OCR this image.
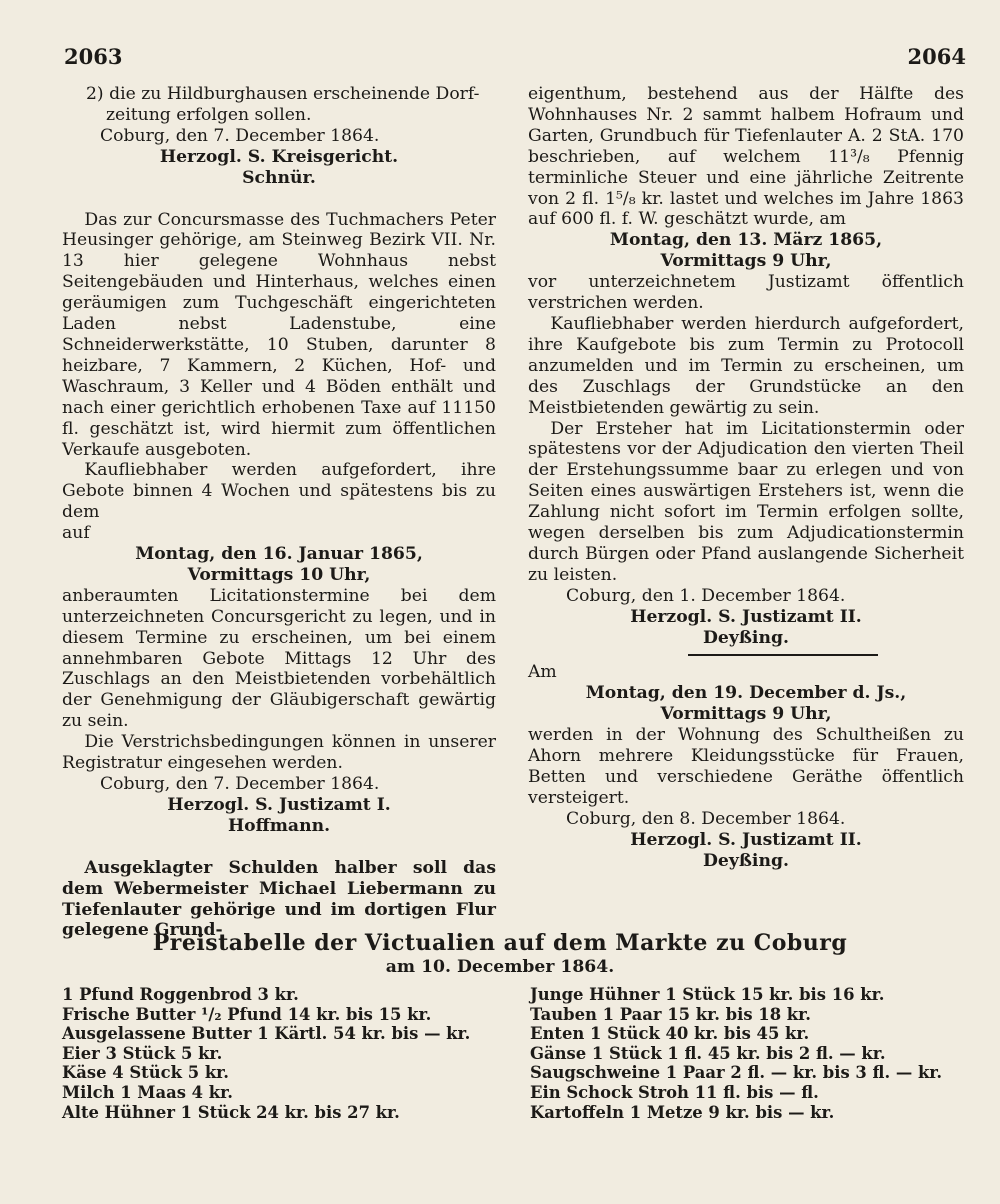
2063	2064

2) die zu Hildburghausen erscheinende Dorf-

zeitung erfolgen sollen.

Coburg, den 7. December 1864.

Herzogl. S. Kreisgericht.

Schnür.

Das zur Concursmasse des Tuchmachers Peter Heusinger gehörige, am Steinweg Bezirk VII. Nr. 13 hier gelegene Wohnhaus nebst Seitengebäuden und Hinterhaus, welches einen geräumigen zum Tuchgeschäft eingerichteten Laden nebst Ladenstube, eine Schneiderwerkstätte, 10 Stuben, darunter 8 heizbare, 7 Kammern, 2 Küchen, Hof- und Waschraum, 3 Keller und 4 Böden enthält und nach einer gerichtlich erhobenen Taxe auf 11150 fl. geschätzt ist, wird hiermit zum öffentlichen Verkaufe ausgeboten.

Kaufliebhaber werden aufgefordert, ihre Gebote binnen 4 Wochen und spätestens bis zu dem

auf

Montag, den 16. Januar 1865,

Vormittags 10 Uhr,

anberaumten Licitationstermine bei dem unterzeichneten Concursgericht zu legen, und in diesem Termine zu erscheinen, um bei einem annehmbaren Gebote Mittags 12 Uhr des Zuschlags an den Meistbietenden vorbehältlich der Genehmigung der Gläubigerschaft gewärtig zu sein.

Die Verstrichsbedingungen können in unserer Registratur eingesehen werden.

Coburg, den 7. December 1864.

Herzogl. S. Justizamt I.

Hoffmann.

Ausgeklagter Schulden halber soll das dem Webermeister Michael Liebermann zu Tiefenlauter gehörige und im dortigen Flur gelegene Grund-

eigenthum, bestehend aus der Hälfte des Wohnhauses Nr. 2 sammt halbem Hofraum und Garten, Grundbuch für Tiefenlauter A. 2 StA. 170 beschrieben, auf welchem 11³/₈ Pfennig terminliche Steuer und eine jährliche Zeitrente von 2 fl. 1⁵/₈ kr. lastet und welches im Jahre 1863 auf 600 fl. f. W. geschätzt wurde, am

Montag, den 13. März 1865,

Vormittags 9 Uhr,

vor unterzeichnetem Justizamt öffentlich verstrichen werden.

Kaufliebhaber werden hierdurch aufgefordert, ihre Kaufgebote bis zum Termin zu Protocoll anzumelden und im Termin zu erscheinen, um des Zuschlags der Grundstücke an den Meistbietenden gewärtig zu sein.

Der Ersteher hat im Licitationstermin oder spätestens vor der Adjudication den vierten Theil der Erstehungssumme baar zu erlegen und von Seiten eines auswärtigen Erstehers ist, wenn die Zahlung nicht sofort im Termin erfolgen sollte, wegen derselben bis zum Adjudicationstermin durch Bürgen oder Pfand auslangende Sicherheit zu leisten.

Coburg, den 1. December 1864.

Herzogl. S. Justizamt II.

Deyßing.

Am

Montag, den 19. December d. Js.,

Vormittags 9 Uhr,

werden in der Wohnung des Schultheißen zu Ahorn mehrere Kleidungsstücke für Frauen, Betten und verschiedene Geräthe öffentlich versteigert.

Coburg, den 8. December 1864.

Herzogl. S. Justizamt II.

Deyßing.

Preistabelle der Victualien auf dem Markte zu Coburg
am 10. December 1864.
1 Pfund Roggenbrod 3 kr.
Frische Butter ¹/₂ Pfund 14 kr. bis 15 kr.
Ausgelassene Butter 1 Kärtl. 54 kr. bis — kr.
Eier 3 Stück 5 kr.
Käse 4 Stück 5 kr.
Milch 1 Maas 4 kr.
Alte Hühner 1 Stück 24 kr. bis 27 kr.
Junge Hühner 1 Stück 15 kr. bis 16 kr.
Tauben 1 Paar 15 kr. bis 18 kr.
Enten 1 Stück 40 kr. bis 45 kr.
Gänse 1 Stück 1 fl. 45 kr. bis 2 fl. — kr.
Saugschweine 1 Paar 2 fl. — kr. bis 3 fl. — kr.
Ein Schock Stroh 11 fl. bis — fl.
Kartoffeln 1 Metze 9 kr. bis — kr.
